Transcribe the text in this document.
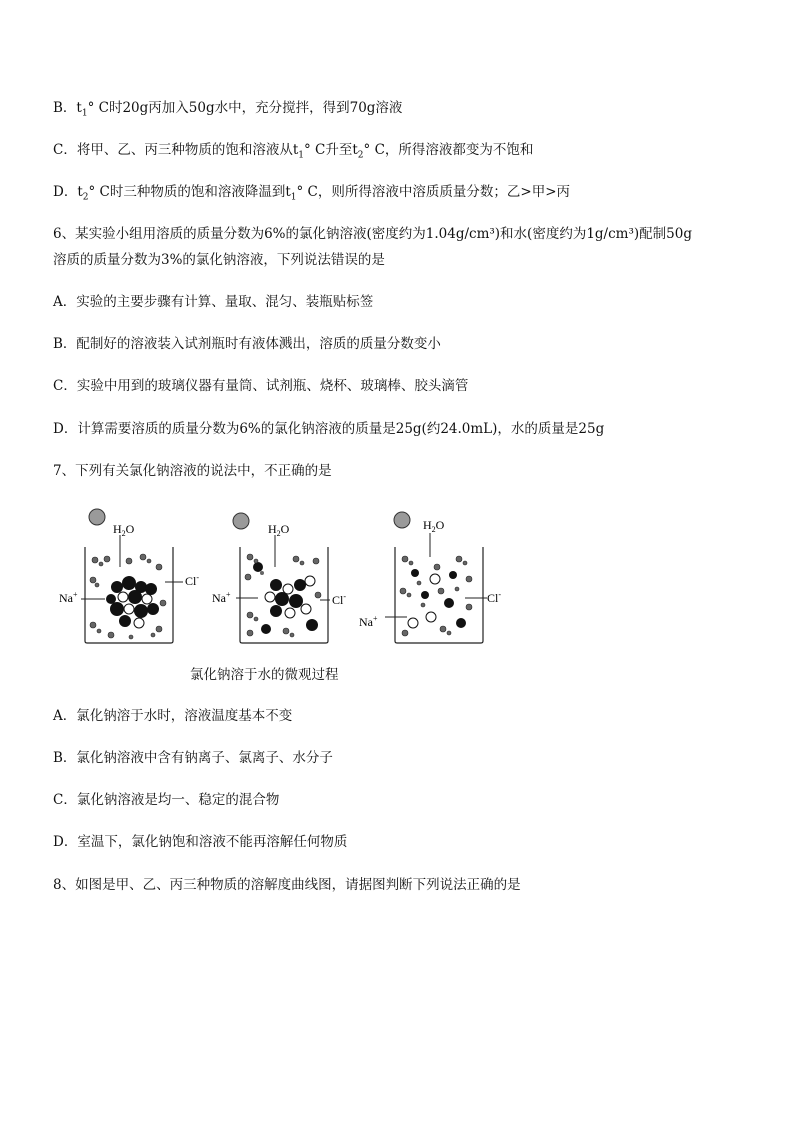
B．$t_1^\circ$ C时20g丙加入50g水中，充分搅拌，得到70g溶液
C．将甲、乙、丙三种物质的饱和溶液从$t_1^\circ$ C升至$t_2^\circ$ C，所得溶液都变为不饱和
D．$t_2^\circ$ C时三种物质的饱和溶液降温到$t_1^\circ$ C，则所得溶液中溶质质量分数；乙>甲>丙
6、某实验小组用溶质的质量分数为6%的氯化钠溶液(密度约为1.04g/cm³)和水(密度约为1g/cm³)配制50g
溶质的质量分数为3%的氯化钠溶液，下列说法错误的是
A．实验的主要步骤有计算、量取、混匀、装瓶贴标签
B．配制好的溶液装入试剂瓶时有液体溅出，溶质的质量分数变小
C．实验中用到的玻璃仪器有量筒、试剂瓶、烧杯、玻璃棒、胶头滴管
D．计算需要溶质的质量分数为6%的氯化钠溶液的质量是25g(约24.0mL)，水的质量是25g
7、下列有关氯化钠溶液的说法中，不正确的是
$H_2O$
Cl-
Na+
$H_2O$
Cl-
Na+
$H_2O$
Cl-
Na+
氯化钠溶于水的微观过程
A．氯化钠溶于水时，溶液温度基本不变
B．氯化钠溶液中含有钠离子、氯离子、水分子
C．氯化钠溶液是均一、稳定的混合物
D．室温下，氯化钠饱和溶液不能再溶解任何物质
8、如图是甲、乙、丙三种物质的溶解度曲线图，请据图判断下列说法正确的是
